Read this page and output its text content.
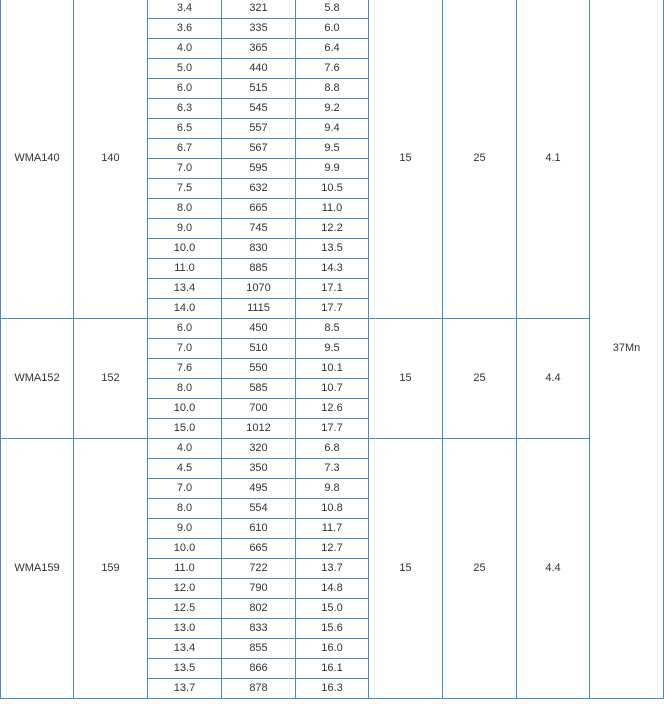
WMA140	140	3.4	321	5.8	15	25	4.1	37Mn
		3.6	335	6.0				
		4.0	365	6.4				
		5.0	440	7.6				
		6.0	515	8.8				
		6.3	545	9.2				
		6.5	557	9.4				
		6.7	567	9.5				
		7.0	595	9.9				
		7.5	632	10.5				
		8.0	665	11.0				
		9.0	745	12.2				
		10.0	830	13.5				
		11.0	885	14.3				
		13.4	1070	17.1				
		14.0	1115	17.7				
WMA152	152	6.0	450	8.5	15	25	4.4	
		7.0	510	9.5				
		7.6	550	10.1				
		8.0	585	10.7				
		10.0	700	12.6				
		15.0	1012	17.7				
WMA159	159	4.0	320	6.8	15	25	4.4	
		4.5	350	7.3				
		7.0	495	9.8				
		8.0	554	10.8				
		9.0	610	11.7				
		10.0	665	12.7				
		11.0	722	13.7				
		12.0	790	14.8				
		12.5	802	15.0				
		13.0	833	15.6				
		13.4	855	16.0				
		13.5	866	16.1				
		13.7	878	16.3				
